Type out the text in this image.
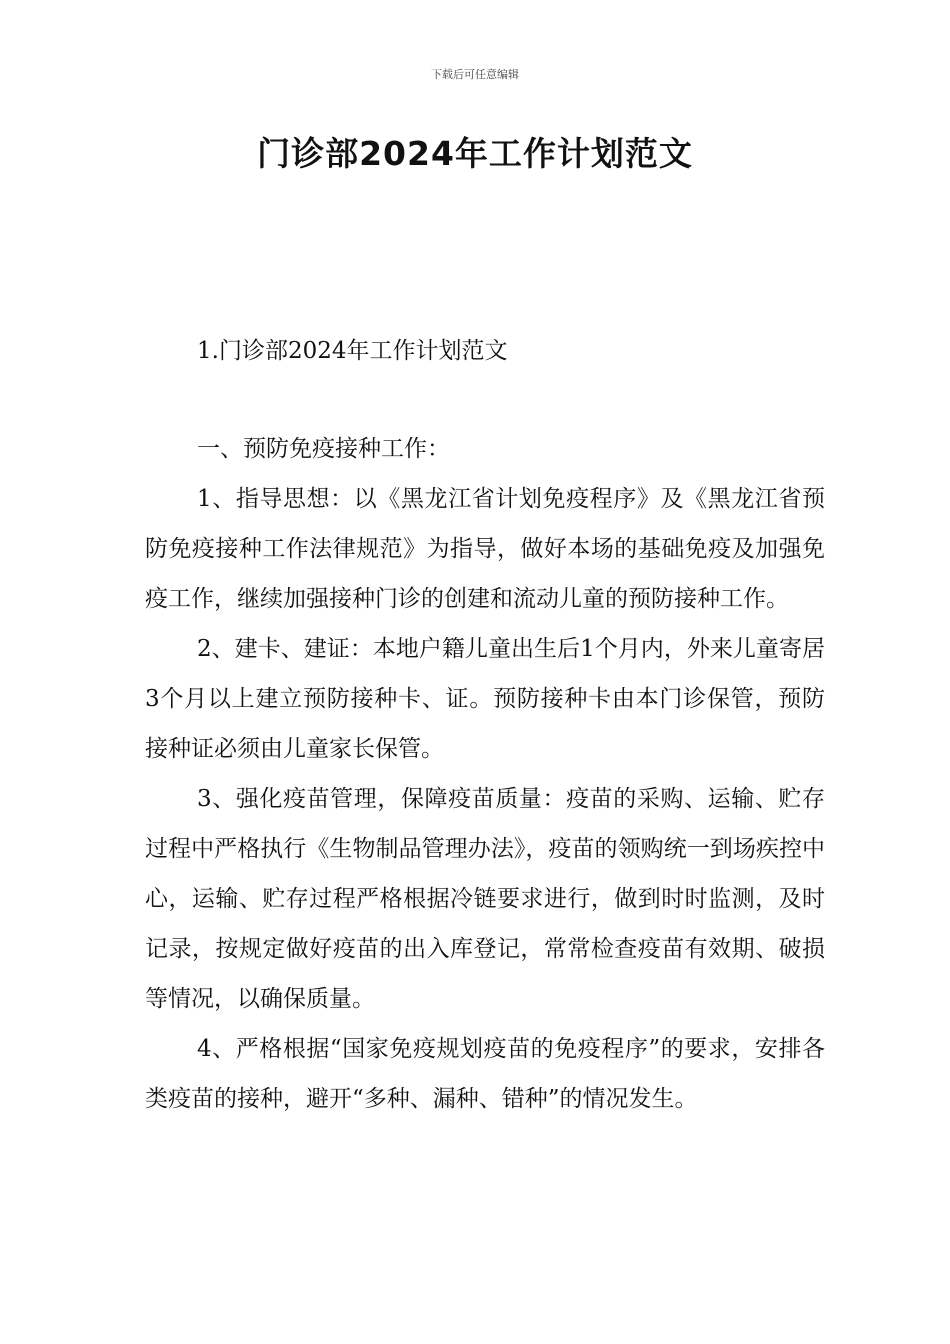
下载后可任意编辑
门诊部2024年工作计划范文
1.门诊部2024年工作计划范文
一、预防免疫接种工作：

1、指导思想：以《黑龙江省计划免疫程序》及《黑龙江省预防免疫接种工作法律规范》为指导，做好本场的基础免疫及加强免疫工作，继续加强接种门诊的创建和流动儿童的预防接种工作。

2、建卡、建证：本地户籍儿童出生后1个月内，外来儿童寄居3个月以上建立预防接种卡、证。预防接种卡由本门诊保管，预防接种证必须由儿童家长保管。

3、强化疫苗管理，保障疫苗质量：疫苗的采购、运输、贮存过程中严格执行《生物制品管理办法》，疫苗的领购统一到场疾控中心，运输、贮存过程严格根据冷链要求进行，做到时时监测，及时记录，按规定做好疫苗的出入库登记，常常检查疫苗有效期、破损等情况，以确保质量。

4、严格根据“国家免疫规划疫苗的免疫程序”的要求，安排各类疫苗的接种，避开“多种、漏种、错种”的情况发生。
